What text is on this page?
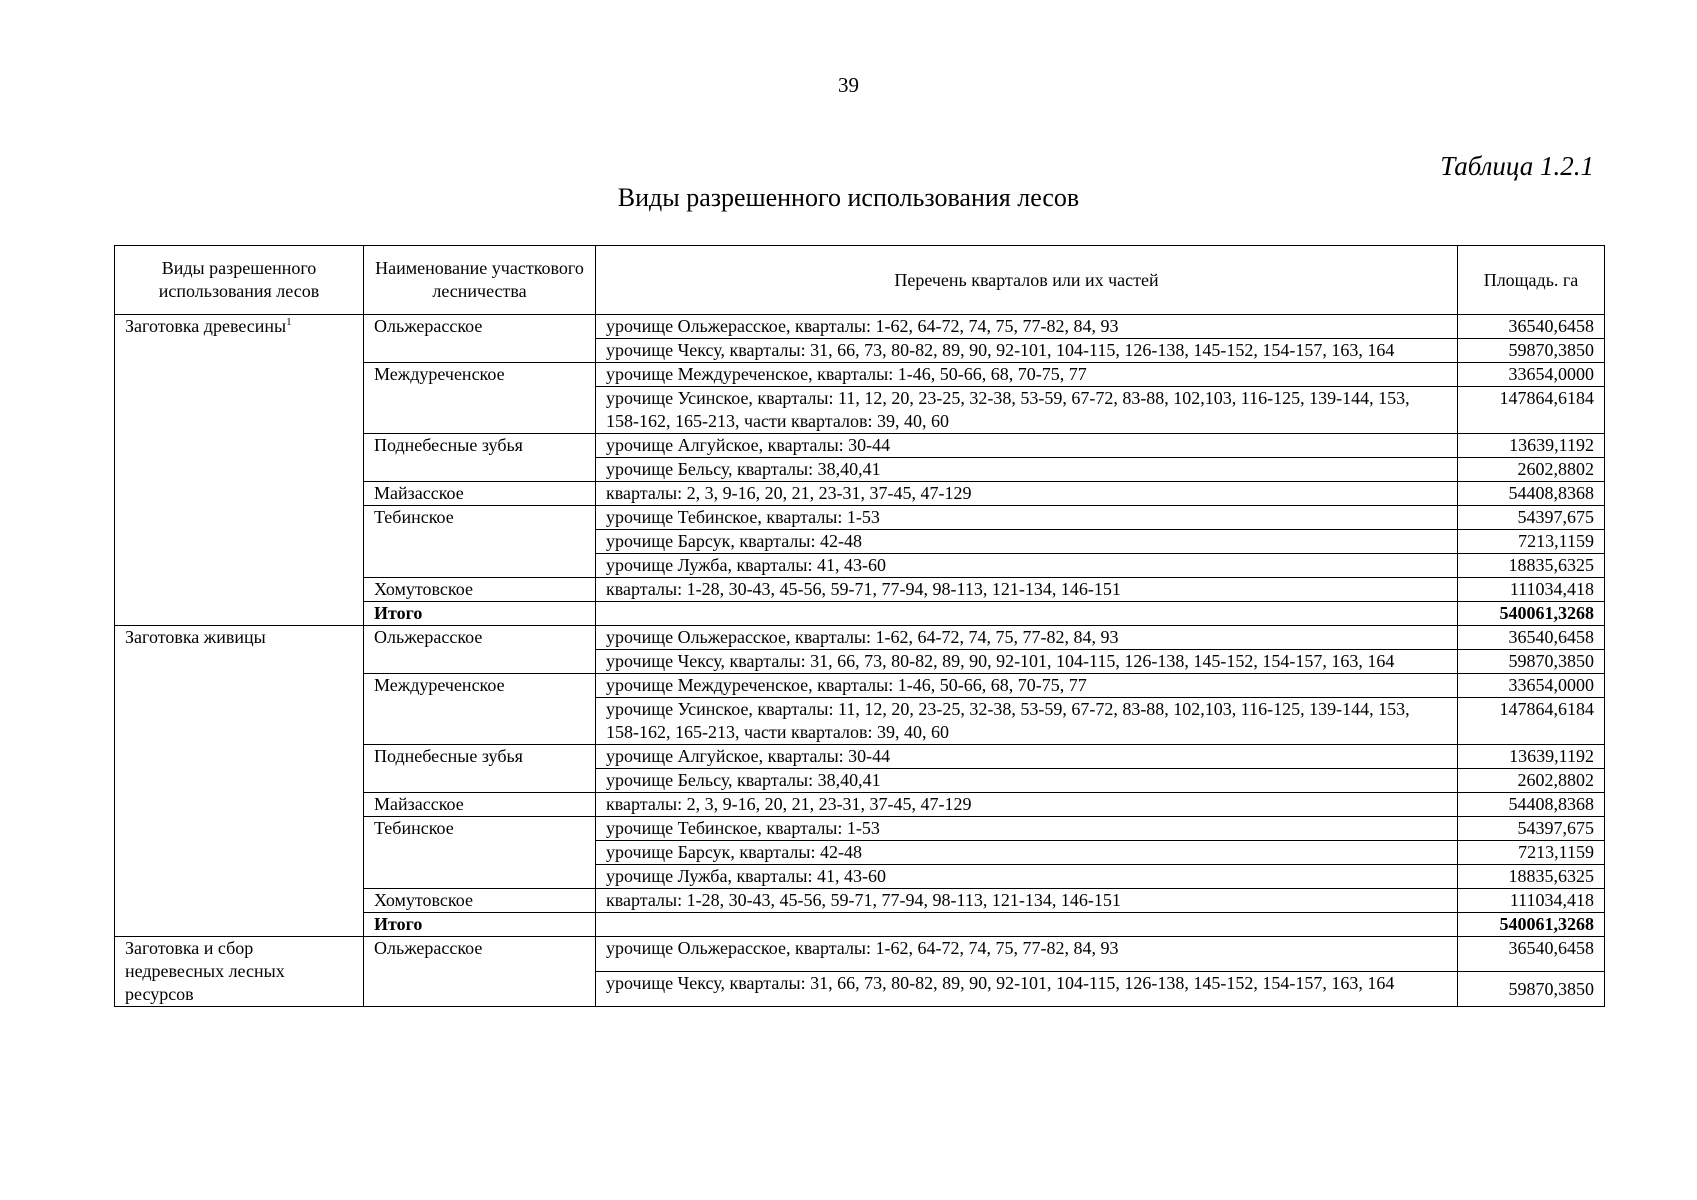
39
Таблица 1.2.1
Виды разрешенного использования лесов
Виды разрешенного использования лесов	Наименование участкового лесничества	Перечень кварталов или их частей	Площадь. га
Заготовка древесины$^1$	Ольжерасское	урочище Ольжерасское, кварталы: 1-62, 64-72, 74, 75, 77-82, 84, 93	36540,6458
		урочище Чексу, кварталы: 31, 66, 73, 80-82, 89, 90, 92-101, 104-115, 126-138, 145-152, 154-157, 163, 164	59870,3850
	Междуреченское	урочище Междуреченское, кварталы: 1-46, 50-66, 68, 70-75, 77	33654,0000
		урочище Усинское, кварталы: 11, 12, 20, 23-25, 32-38, 53-59, 67-72, 83-88, 102,103, 116-125, 139-144, 153, 158-162, 165-213, части кварталов: 39, 40, 60	147864,6184
	Поднебесные зубья	урочище Алгуйское, кварталы: 30-44	13639,1192
		урочище Бельсу, кварталы: 38,40,41	2602,8802
	Майзасское	кварталы: 2, 3, 9-16, 20, 21, 23-31, 37-45, 47-129	54408,8368
	Тебинское	урочище Тебинское, кварталы: 1-53	54397,675
		урочище Барсук, кварталы: 42-48	7213,1159
		урочище Лужба, кварталы: 41, 43-60	18835,6325
	Хомутовское	кварталы: 1-28, 30-43, 45-56, 59-71, 77-94, 98-113, 121-134, 146-151	111034,418
	Итого		540061,3268
Заготовка живицы	Ольжерасское	урочище Ольжерасское, кварталы: 1-62, 64-72, 74, 75, 77-82, 84, 93	36540,6458
		урочище Чексу, кварталы: 31, 66, 73, 80-82, 89, 90, 92-101, 104-115, 126-138, 145-152, 154-157, 163, 164	59870,3850
	Междуреченское	урочище Междуреченское, кварталы: 1-46, 50-66, 68, 70-75, 77	33654,0000
		урочище Усинское, кварталы: 11, 12, 20, 23-25, 32-38, 53-59, 67-72, 83-88, 102,103, 116-125, 139-144, 153, 158-162, 165-213, части кварталов: 39, 40, 60	147864,6184
	Поднебесные зубья	урочище Алгуйское, кварталы: 30-44	13639,1192
		урочище Бельсу, кварталы: 38,40,41	2602,8802
	Майзасское	кварталы: 2, 3, 9-16, 20, 21, 23-31, 37-45, 47-129	54408,8368
	Тебинское	урочище Тебинское, кварталы: 1-53	54397,675
		урочище Барсук, кварталы: 42-48	7213,1159
		урочище Лужба, кварталы: 41, 43-60	18835,6325
	Хомутовское	кварталы: 1-28, 30-43, 45-56, 59-71, 77-94, 98-113, 121-134, 146-151	111034,418
	Итого		540061,3268
Заготовка и сбор недревесных лесных ресурсов	Ольжерасское	урочище Ольжерасское, кварталы: 1-62, 64-72, 74, 75, 77-82, 84, 93	36540,6458
		урочище Чексу, кварталы: 31, 66, 73, 80-82, 89, 90, 92-101, 104-115, 126-138, 145-152, 154-157, 163, 164	59870,3850
